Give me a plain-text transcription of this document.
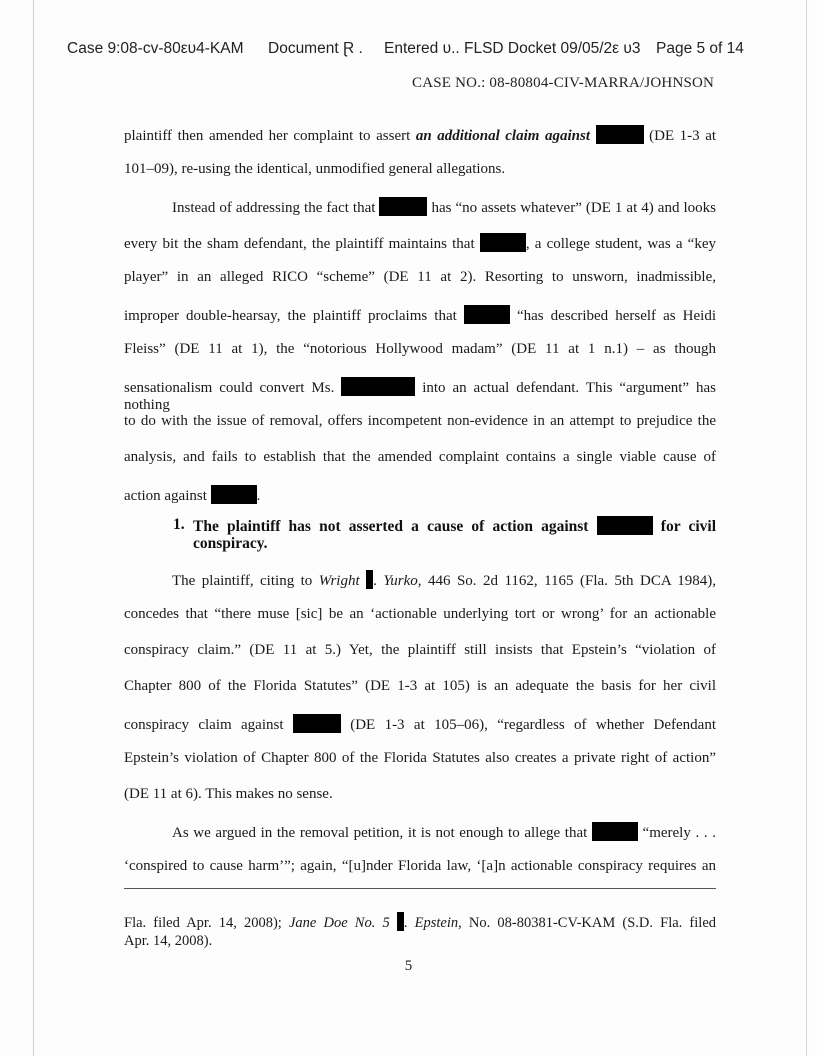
Case 9:08-cv-80ευ4-KAM Document Ɽ . Entered υ.. FLSD Docket 09/05/2ε υ3 Page 5 of 14
CASE NO.: 08-80804-CIV-MARRA/JOHNSON
plaintiff then amended her complaint to assert an additional claim against	(DE 1-3 at
101–09), re-using the identical, unmodified general allegations.
Instead of addressing the fact that	has “no assets whatever” (DE 1 at 4) and looks
every bit the sham defendant, the plaintiff maintains that	, a college student, was a “key
player” in an alleged RICO “scheme” (DE 11 at 2). Resorting to unsworn, inadmissible,
improper double-hearsay, the plaintiff proclaims that	“has described herself as Heidi
Fleiss” (DE 11 at 1), the “notorious Hollywood madam” (DE 11 at 1 n.1) – as though
sensationalism could convert Ms.	into an actual defendant. This “argument” has nothing
to do with the issue of removal, offers incompetent non-evidence in an attempt to prejudice the
analysis, and fails to establish that the amended complaint contains a single viable cause of
action against	.
1. The plaintiff has not asserted a cause of action against	for civil
conspiracy.
The plaintiff, citing to Wright . Yurko, 446 So. 2d 1162, 1165 (Fla. 5th DCA 1984),
concedes that “there muse [sic] be an ‘actionable underlying tort or wrong’ for an actionable
conspiracy claim.” (DE 11 at 5.) Yet, the plaintiff still insists that Epstein’s “violation of
Chapter 800 of the Florida Statutes” (DE 1-3 at 105) is an adequate the basis for her civil
conspiracy claim against	(DE 1-3 at 105–06), “regardless of whether Defendant
Epstein’s violation of Chapter 800 of the Florida Statutes also creates a private right of action”
(DE 11 at 6). This makes no sense.
As we argued in the removal petition, it is not enough to allege that	“merely . . .
‘conspired to cause harm’”; again, “[u]nder Florida law, ‘[a]n actionable conspiracy requires an
Fla. filed Apr. 14, 2008); Jane Doe No. 5 . Epstein, No. 08-80381-CV-KAM (S.D. Fla. filed
Apr. 14, 2008).
5
